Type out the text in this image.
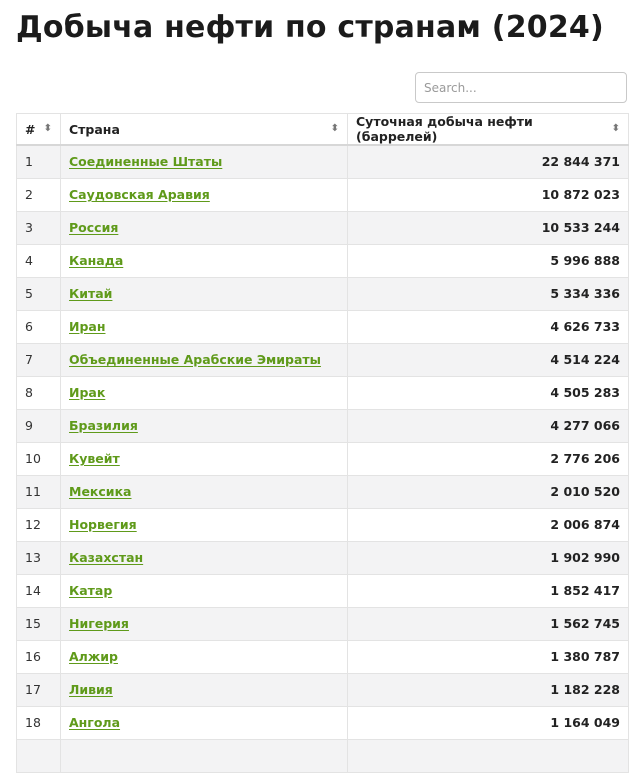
Добыча нефти по странам (2024)
Search...
# ⬍	Страна ⬍	Суточная добыча нефти (баррелей)
⬍

1	Соединенные Штаты	22 844 371
2	Саудовская Аравия	10 872 023
3	Россия	10 533 244
4	Канада	5 996 888
5	Китай	5 334 336
6	Иран	4 626 733
7	Объединенные Арабские Эмираты	4 514 224
8	Ирак	4 505 283
9	Бразилия	4 277 066
10	Кувейт	2 776 206
11	Мексика	2 010 520
12	Норвегия	2 006 874
13	Казахстан	1 902 990
14	Катар	1 852 417
15	Нигерия	1 562 745
16	Алжир	1 380 787
17	Ливия	1 182 228
18	Ангола	1 164 049
